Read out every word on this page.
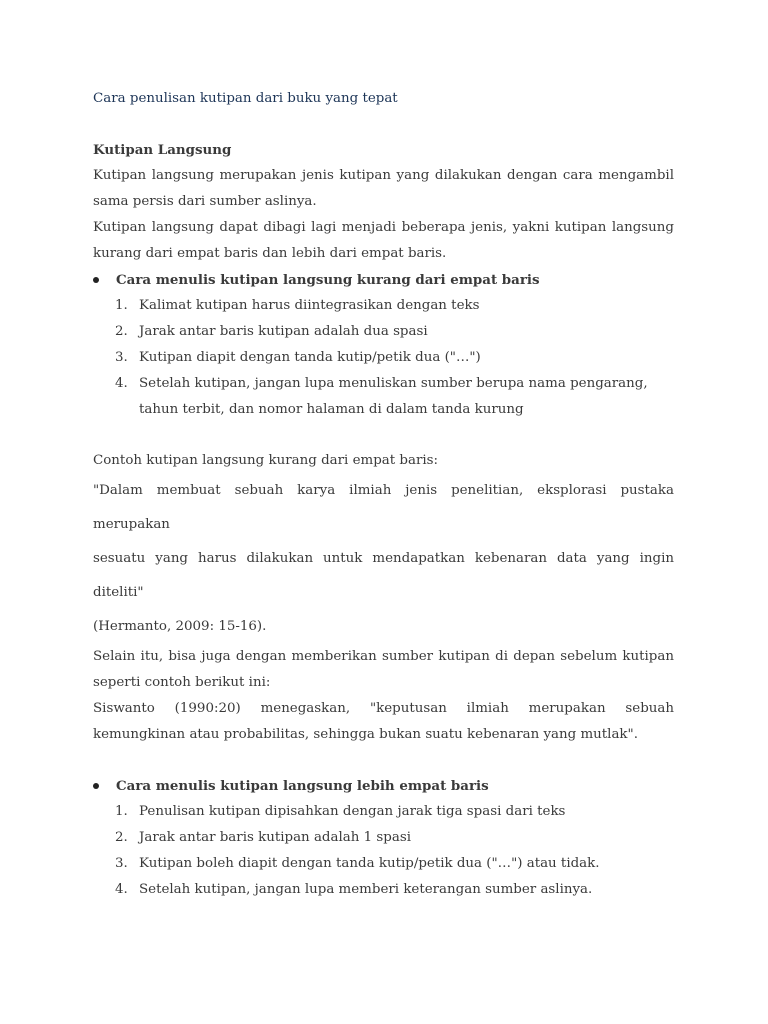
Cara penulisan kutipan dari buku yang tepat
Kutipan Langsung

Kutipan langsung merupakan jenis kutipan yang dilakukan dengan cara mengambil sama persis dari sumber aslinya.

Kutipan langsung dapat dibagi lagi menjadi beberapa jenis, yakni kutipan langsung kurang dari empat baris dan lebih dari empat baris.

Cara menulis kutipan langsung kurang dari empat baris
1. Kalimat kutipan harus diintegrasikan dengan teks
2. Jarak antar baris kutipan adalah dua spasi
3. Kutipan diapit dengan tanda kutip/petik dua ("…")
4. Setelah kutipan, jangan lupa menuliskan sumber berupa nama pengarang, tahun terbit, dan nomor halaman di dalam tanda kurung

Contoh kutipan langsung kurang dari empat baris:

"Dalam membuat sebuah karya ilmiah jenis penelitian, eksplorasi pustaka merupakan
sesuatu yang harus dilakukan untuk mendapatkan kebenaran data yang ingin diteliti"
(Hermanto, 2009: 15-16).

Selain itu, bisa juga dengan memberikan sumber kutipan di depan sebelum kutipan seperti contoh berikut ini:

Siswanto (1990:20) menegaskan, "keputusan ilmiah merupakan sebuah kemungkinan atau probabilitas, sehingga bukan suatu kebenaran yang mutlak".

Cara menulis kutipan langsung lebih empat baris
1. Penulisan kutipan dipisahkan dengan jarak tiga spasi dari teks
2. Jarak antar baris kutipan adalah 1 spasi
3. Kutipan boleh diapit dengan tanda kutip/petik dua ("…") atau tidak.
4. Setelah kutipan, jangan lupa memberi keterangan sumber aslinya.
